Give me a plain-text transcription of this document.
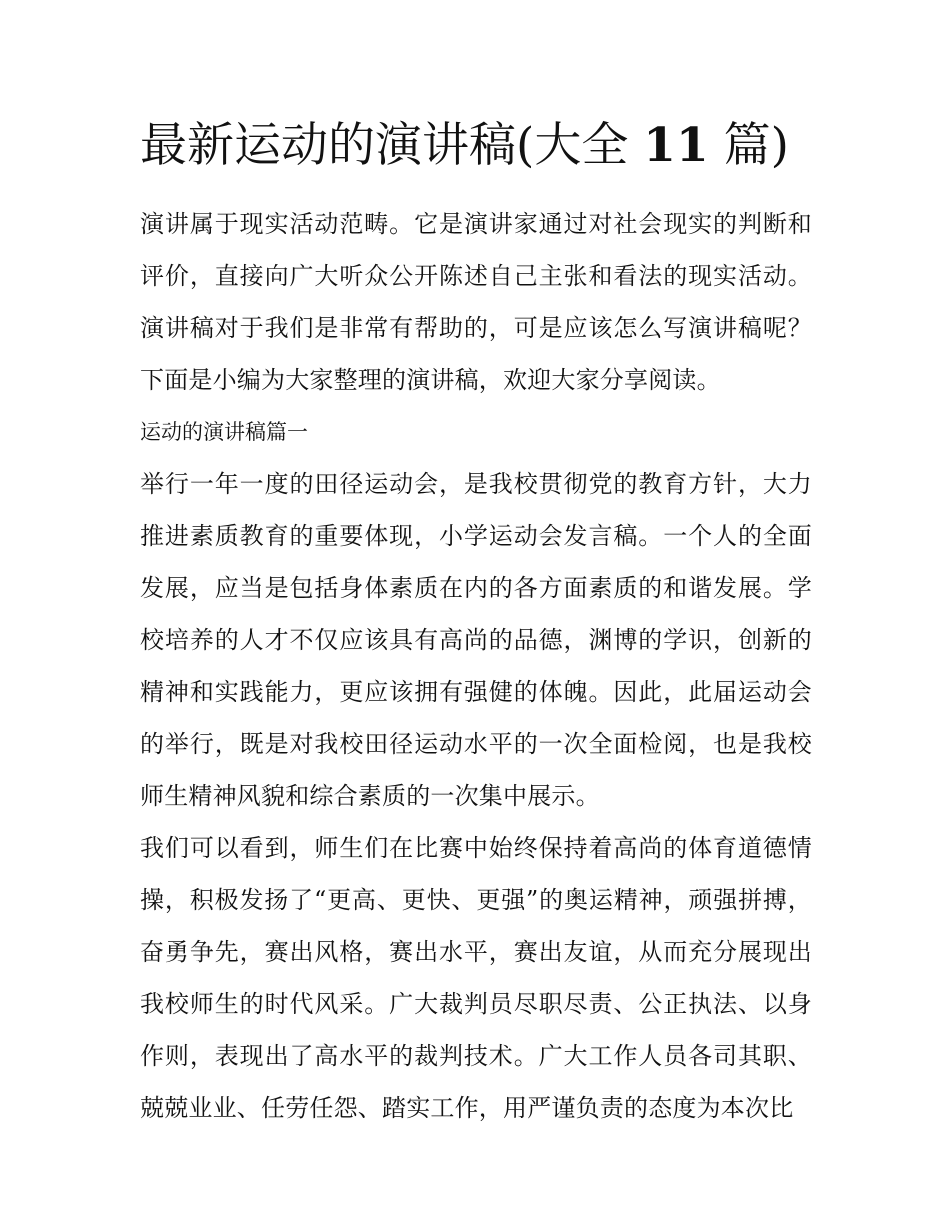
最新运动的演讲稿(大全 11 篇)

演讲属于现实活动范畴。它是演讲家通过对社会现实的判断和评价，直接向广大听众公开陈述自己主张和看法的现实活动。演讲稿对于我们是非常有帮助的，可是应该怎么写演讲稿呢？下面是小编为大家整理的演讲稿，欢迎大家分享阅读。

运动的演讲稿篇一

举行一年一度的田径运动会，是我校贯彻党的教育方针，大力推进素质教育的重要体现，小学运动会发言稿。一个人的全面发展，应当是包括身体素质在内的各方面素质的和谐发展。学校培养的人才不仅应该具有高尚的品德，渊博的学识，创新的精神和实践能力，更应该拥有强健的体魄。因此，此届运动会的举行，既是对我校田径运动水平的一次全面检阅，也是我校师生精神风貌和综合素质的一次集中展示。

我们可以看到，师生们在比赛中始终保持着高尚的体育道德情操，积极发扬了“更高、更快、更强”的奥运精神，顽强拼搏，奋勇争先，赛出风格，赛出水平，赛出友谊，从而充分展现出我校师生的时代风采。广大裁判员尽职尽责、公正执法、以身作则，表现出了高水平的裁判技术。广大工作人员各司其职、兢兢业业、任劳任怨、踏实工作，用严谨负责的态度为本次比
